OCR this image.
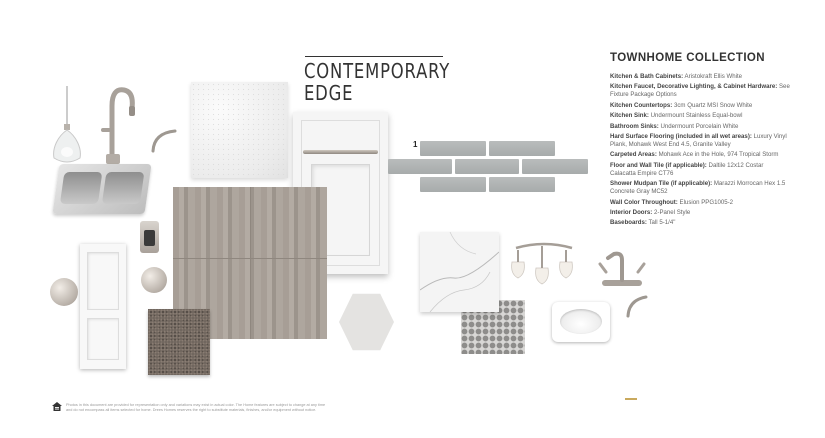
CONTEMPORARY
EDGE
TOWNHOME COLLECTION
Kitchen & Bath Cabinets: Aristokraft Ellis White
Kitchen Faucet, Decorative Lighting, & Cabinet Hardware: See Fixture Package Options
Kitchen Countertops: 3cm Quartz MSI Snow White
Kitchen Sink: Undermount Stainless Equal-bowl
Bathroom Sinks: Undermount Porcelain White
Hard Surface Flooring (included in all wet areas): Luxury Vinyl Plank, Mohawk West End 4.5, Granite Valley
Carpeted Areas: Mohawk Ace in the Hole, 974 Tropical Storm
Floor and Wall Tile (if applicable): Daltile 12x12 Costar Calacatta Empire CT76
Shower Mudpan Tile (if applicable): Marazzi Morrocan Hex 1.5 Concrete Gray MC52
Wall Color Throughout: Elusion PPG1005-2
Interior Doors: 2-Panel Style
Baseboards: Tall 5-1/4"
1
Photos in this document are provided for representation only and variations may exist in actual color. The Home features are subject to change at any time
and do not encompass all items selected for home. Drees Homes reserves the right to substitute materials, finishes, and/or equipment without notice.
